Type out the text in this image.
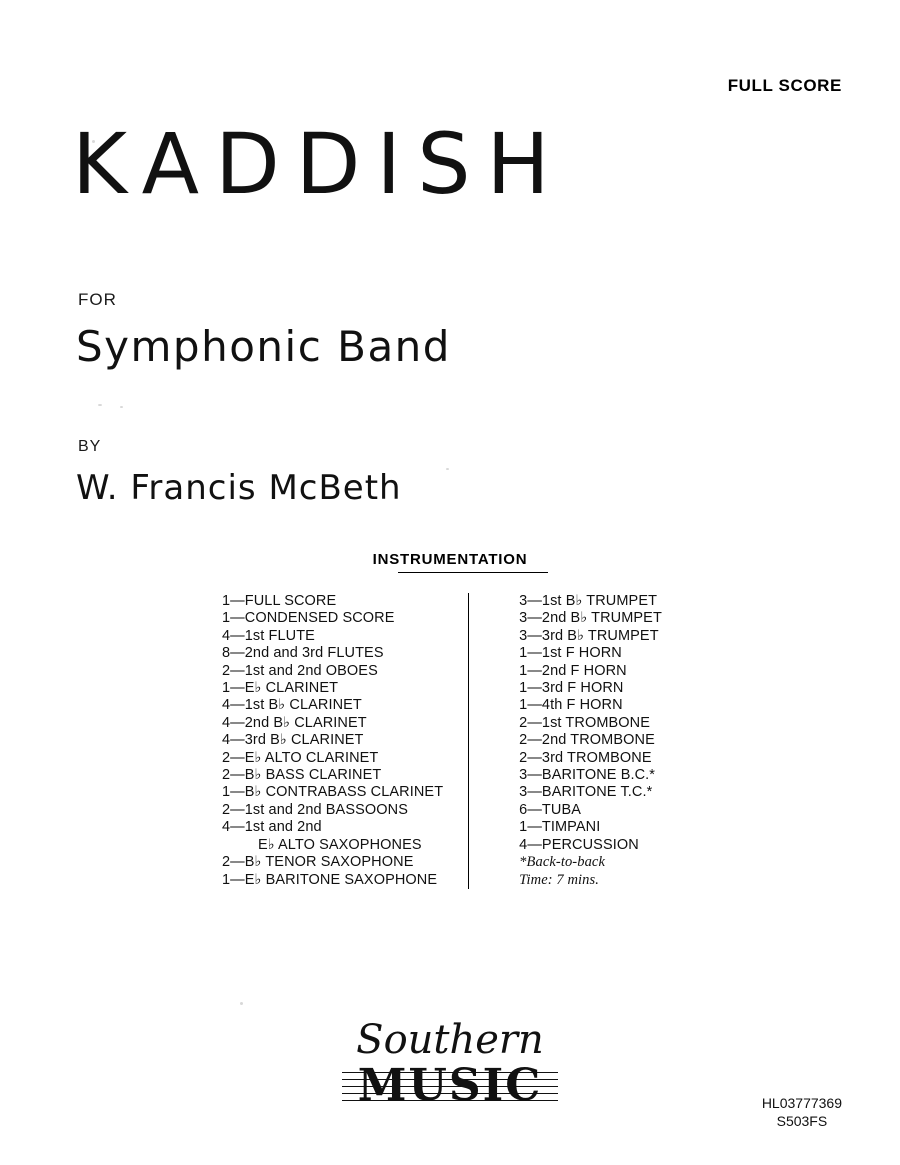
FULL SCORE
KADDISH
FOR
Symphonic Band
BY
W. Francis McBeth
INSTRUMENTATION
1—FULL SCORE
1—CONDENSED SCORE
4—1st FLUTE
8—2nd and 3rd FLUTES
2—1st and 2nd OBOES
1—E♭ CLARINET
4—1st B♭ CLARINET
4—2nd B♭ CLARINET
4—3rd B♭ CLARINET
2—E♭ ALTO CLARINET
2—B♭ BASS CLARINET
1—B♭ CONTRABASS CLARINET
2—1st and 2nd BASSOONS
4—1st and 2nd
E♭ ALTO SAXOPHONES
2—B♭ TENOR SAXOPHONE
1—E♭ BARITONE SAXOPHONE
3—1st B♭ TRUMPET
3—2nd B♭ TRUMPET
3—3rd B♭ TRUMPET
1—1st F HORN
1—2nd F HORN
1—3rd F HORN
1—4th F HORN
2—1st TROMBONE
2—2nd TROMBONE
2—3rd TROMBONE
3—BARITONE B.C.*
3—BARITONE T.C.*
6—TUBA
1—TIMPANI
4—PERCUSSION
*Back-to-back
Time: 7 mins.
Southern
MUSIC	HL03777369
S503FS
